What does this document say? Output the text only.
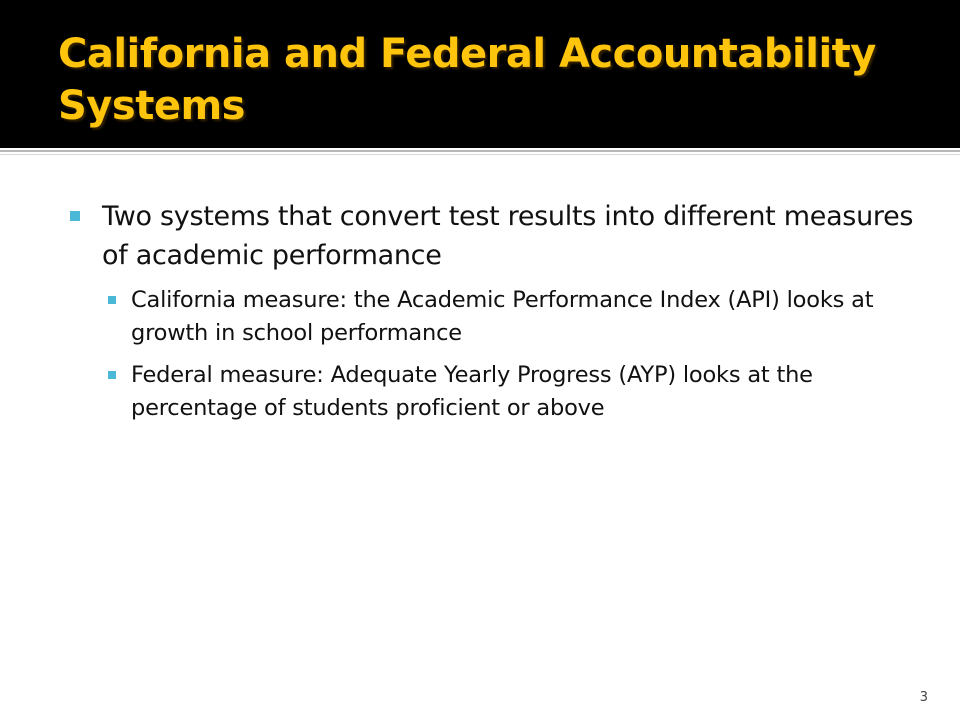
California and Federal Accountability Systems
Two systems that convert test results into different measures of academic performance
California measure: the Academic Performance Index (API) looks at growth in school performance
Federal measure: Adequate Yearly Progress (AYP) looks at the percentage of students proficient or above
3
